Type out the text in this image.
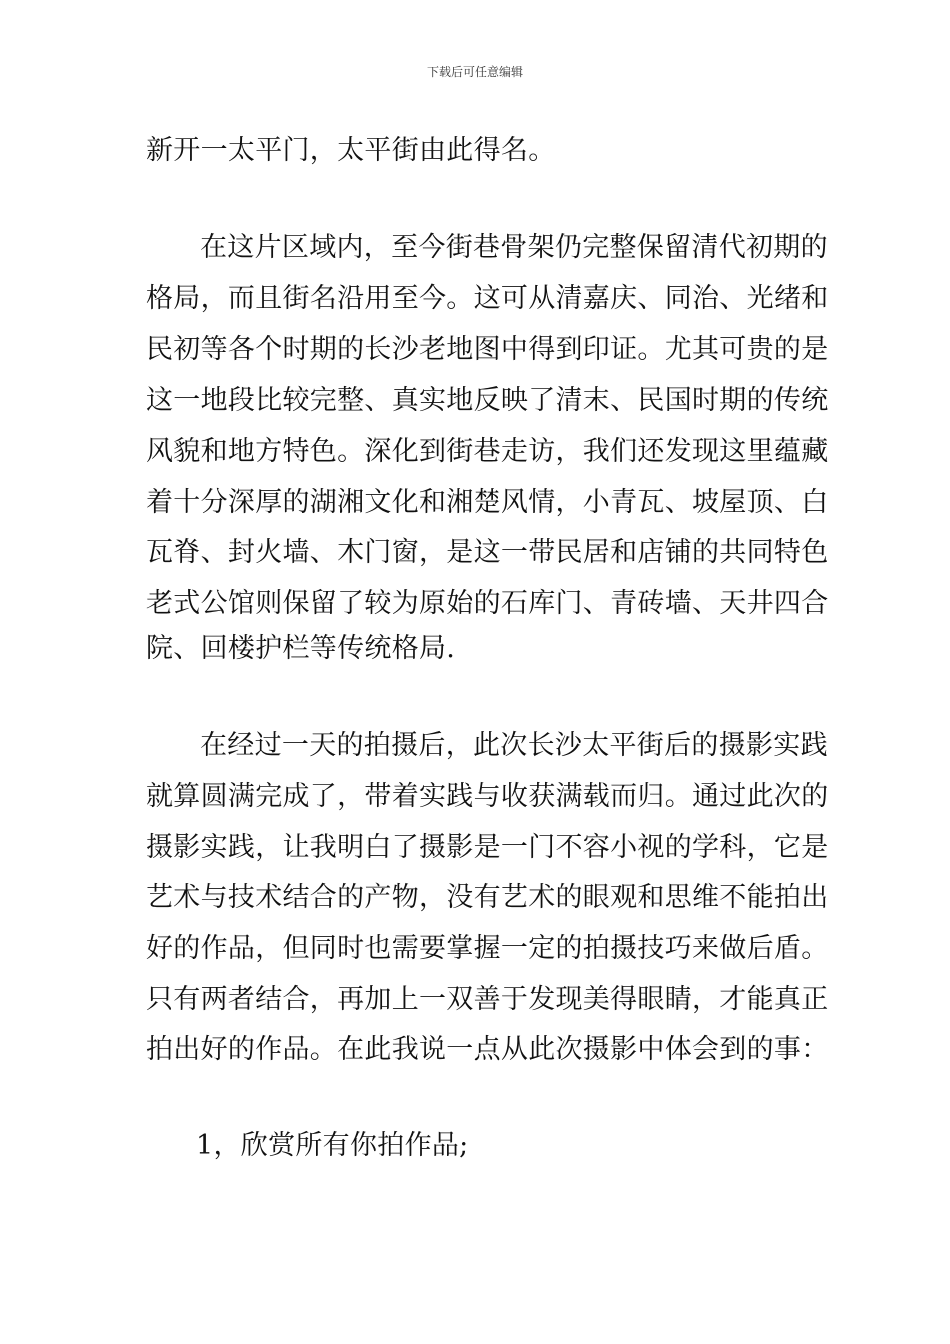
下载后可任意编辑
新开一太平门，太平街由此得名。
在这片区域内，至今街巷骨架仍完整保留清代初期的
格局，而且街名沿用至今。这可从清嘉庆、同治、光绪和
民初等各个时期的长沙老地图中得到印证。尤其可贵的是
这一地段比较完整、真实地反映了清末、民国时期的传统
风貌和地方特色。深化到街巷走访，我们还发现这里蕴藏
着十分深厚的湖湘文化和湘楚风情，小青瓦、坡屋顶、白
瓦脊、封火墙、木门窗，是这一带民居和店铺的共同特色
老式公馆则保留了较为原始的石库门、青砖墙、天井四合
院、回楼护栏等传统格局.
在经过一天的拍摄后，此次长沙太平街后的摄影实践
就算圆满完成了，带着实践与收获满载而归。通过此次的
摄影实践，让我明白了摄影是一门不容小视的学科，它是
艺术与技术结合的产物，没有艺术的眼观和思维不能拍出
好的作品，但同时也需要掌握一定的拍摄技巧来做后盾。
只有两者结合，再加上一双善于发现美得眼睛，才能真正
拍出好的作品。在此我说一点从此次摄影中体会到的事：
1，欣赏所有你拍作品;
